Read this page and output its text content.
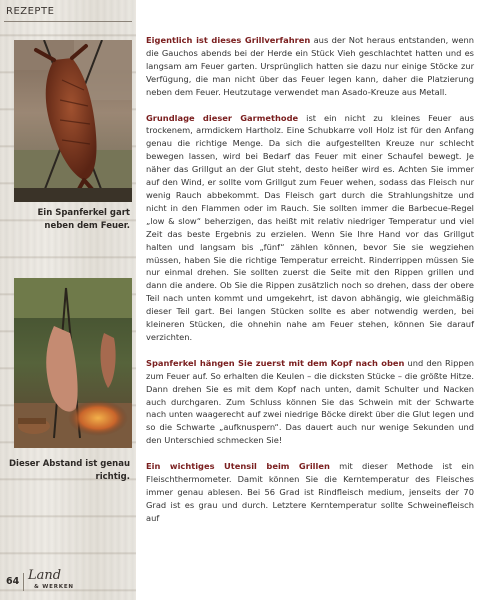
REZEPTE
Ein Spanferkel gart neben dem Feuer.
Dieser Abstand ist genau richtig.
64 Land
& WERKEN

Eigentlich ist dieses Grillverfahren aus der Not heraus entstanden, wenn die Gauchos abends bei der Herde ein Stück Vieh geschlachtet hatten und es langsam am Feuer garten. Ursprünglich hatten sie dazu nur einige Stöcke zur Verfügung, die man nicht über das Feuer legen kann, daher die Platzierung neben dem Feuer. Heutzutage verwendet man Asado-Kreuze aus Metall.

Grundlage dieser Garmethode ist ein nicht zu kleines Feuer aus trockenem, armdickem Hartholz. Eine Schubkarre voll Holz ist für den Anfang genau die richtige Menge. Da sich die aufgestellten Kreuze nur schlecht bewegen lassen, wird bei Bedarf das Feuer mit einer Schaufel bewegt. Je näher das Grillgut an der Glut steht, desto heißer wird es. Achten Sie immer auf den Wind, er sollte vom Grillgut zum Feuer wehen, sodass das Fleisch nur wenig Rauch abbekommt. Das Fleisch gart durch die Strahlungshitze und nicht in den Flammen oder im Rauch. Sie sollten immer die Barbecue-Regel „low & slow“ beherzigen, das heißt mit relativ niedriger Temperatur und viel Zeit das beste Ergebnis zu erzielen. Wenn Sie Ihre Hand vor das Grillgut halten und langsam bis „fünf“ zählen können, bevor Sie sie wegziehen müssen, haben Sie die richtige Temperatur erreicht. Rinderrippen müssen Sie nur einmal drehen. Sie sollten zuerst die Seite mit den Rippen grillen und dann die andere. Ob Sie die Rippen zusätzlich noch so drehen, dass der obere Teil nach unten kommt und umgekehrt, ist davon abhängig, wie gleichmäßig dieser Teil gart. Bei langen Stücken sollte es aber notwendig werden, bei kleineren Stücken, die ohnehin nahe am Feuer stehen, können Sie darauf verzichten.

Spanferkel hängen Sie zuerst mit dem Kopf nach oben und den Rippen zum Feuer auf. So erhalten die Keulen – die dicksten Stücke – die größte Hitze. Dann drehen Sie es mit dem Kopf nach unten, damit Schulter und Nacken auch durchgaren. Zum Schluss können Sie das Schwein mit der Schwarte nach unten waagerecht auf zwei niedrige Böcke direkt über die Glut legen und so die Schwarte „aufknuspern“. Das dauert auch nur wenige Sekunden und den Unterschied schmecken Sie!

Ein wichtiges Utensil beim Grillen mit dieser Methode ist ein Fleischthermometer. Damit können Sie die Kerntemperatur des Fleisches immer genau ablesen. Bei 56 Grad ist Rindfleisch medium, jenseits der 70 Grad ist es grau und durch. Letztere Kerntemperatur sollte Schweinefleisch auf
